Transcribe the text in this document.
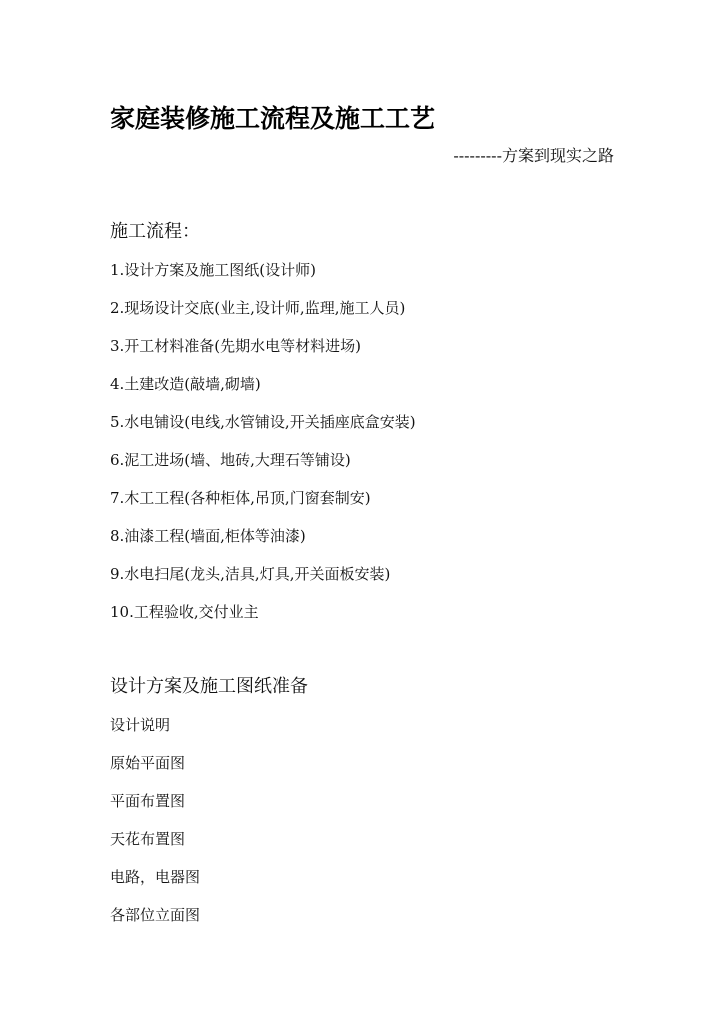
家庭装修施工流程及施工工艺

---------方案到现实之路

施工流程：
1.设计方案及施工图纸(设计师)
2.现场设计交底(业主,设计师,监理,施工人员)
3.开工材料准备(先期水电等材料进场)
4.土建改造(敲墙,砌墙)
5.水电铺设(电线,水管铺设,开关插座底盒安装)
6.泥工进场(墙、地砖,大理石等铺设)
7.木工工程(各种柜体,吊顶,门窗套制安)
8.油漆工程(墙面,柜体等油漆)
9.水电扫尾(龙头,洁具,灯具,开关面板安装)
10.工程验收,交付业主
设计方案及施工图纸准备
设计说明
原始平面图
平面布置图
天花布置图
电路，电器图
各部位立面图
